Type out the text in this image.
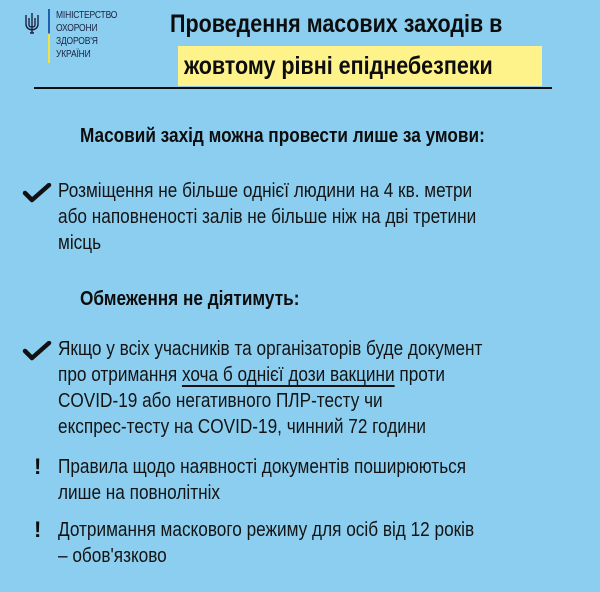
МІНІСТЕРСТВО
ОХОРОНИ
ЗДОРОВ'Я
УКРАЇНИ
Проведення масових заходів в
жовтому рівні епіднебезпеки
Масовий захід можна провести лише за умови:
Розміщення не більше однієї людини на 4 кв. метри
або наповненості залів не більше ніж на дві третини
місць
Обмеження не діятимуть:
Якщо у всіх учасників та організаторів буде документ
про отримання хоча б однієї дози вакцини проти
COVID-19 або негативного ПЛР-тесту чи
експрес-тесту на COVID-19, чинний 72 години
! Правила щодо наявності документів поширюються
лише на повнолітніх
! Дотримання маскового режиму для осіб від 12 років
– обов'язково
